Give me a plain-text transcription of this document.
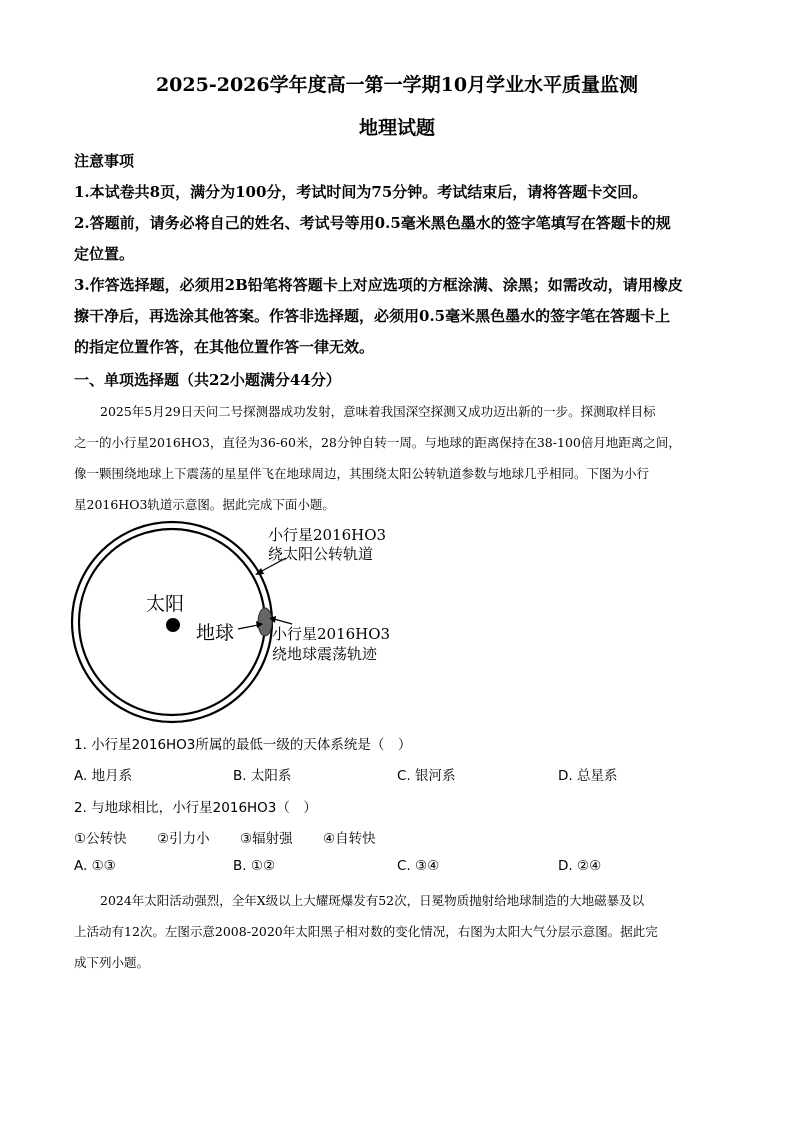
2025-2026学年度高一第一学期10月学业水平质量监测
地理试题
注意事项
1.本试卷共8页，满分为100分，考试时间为75分钟。考试结束后，请将答题卡交回。
2.答题前，请务必将自己的姓名、考试号等用0.5毫米黑色墨水的签字笔填写在答题卡的规
定位置。
3.作答选择题，必须用2B铅笔将答题卡上对应选项的方框涂满、涂黑；如需改动，请用橡皮
擦干净后，再选涂其他答案。作答非选择题，必须用0.5毫米黑色墨水的签字笔在答题卡上
的指定位置作答，在其他位置作答一律无效。
一、单项选择题（共22小题满分44分）
2025年5月29日天问二号探测器成功发射，意味着我国深空探测又成功迈出新的一步。探测取样目标
之一的小行星2016HO3，直径为36-60米，28分钟自转一周。与地球的距离保持在38-100倍月地距离之间，
像一颗围绕地球上下震荡的星星伴飞在地球周边，其围绕太阳公转轨道参数与地球几乎相同。下图为小行
星2016HO3轨道示意图。据此完成下面小题。
小行星2016HO3
绕太阳公转轨道
太阳
地球	小行星2016HO3
绕地球震荡轨迹
1. 小行星2016HO3所属的最低一级的天体系统是（　）
A. 地月系	B. 太阳系	C. 银河系	D. 总星系
2. 与地球相比，小行星2016HO3（　）
①公转快 ②引力小 ③辐射强 ④自转快
A. ①③	B. ①②	C. ③④	D. ②④
2024年太阳活动强烈，全年X级以上大耀斑爆发有52次，日冕物质抛射给地球制造的大地磁暴及以
上活动有12次。左图示意2008-2020年太阳黑子相对数的变化情况，右图为太阳大气分层示意图。据此完
成下列小题。
